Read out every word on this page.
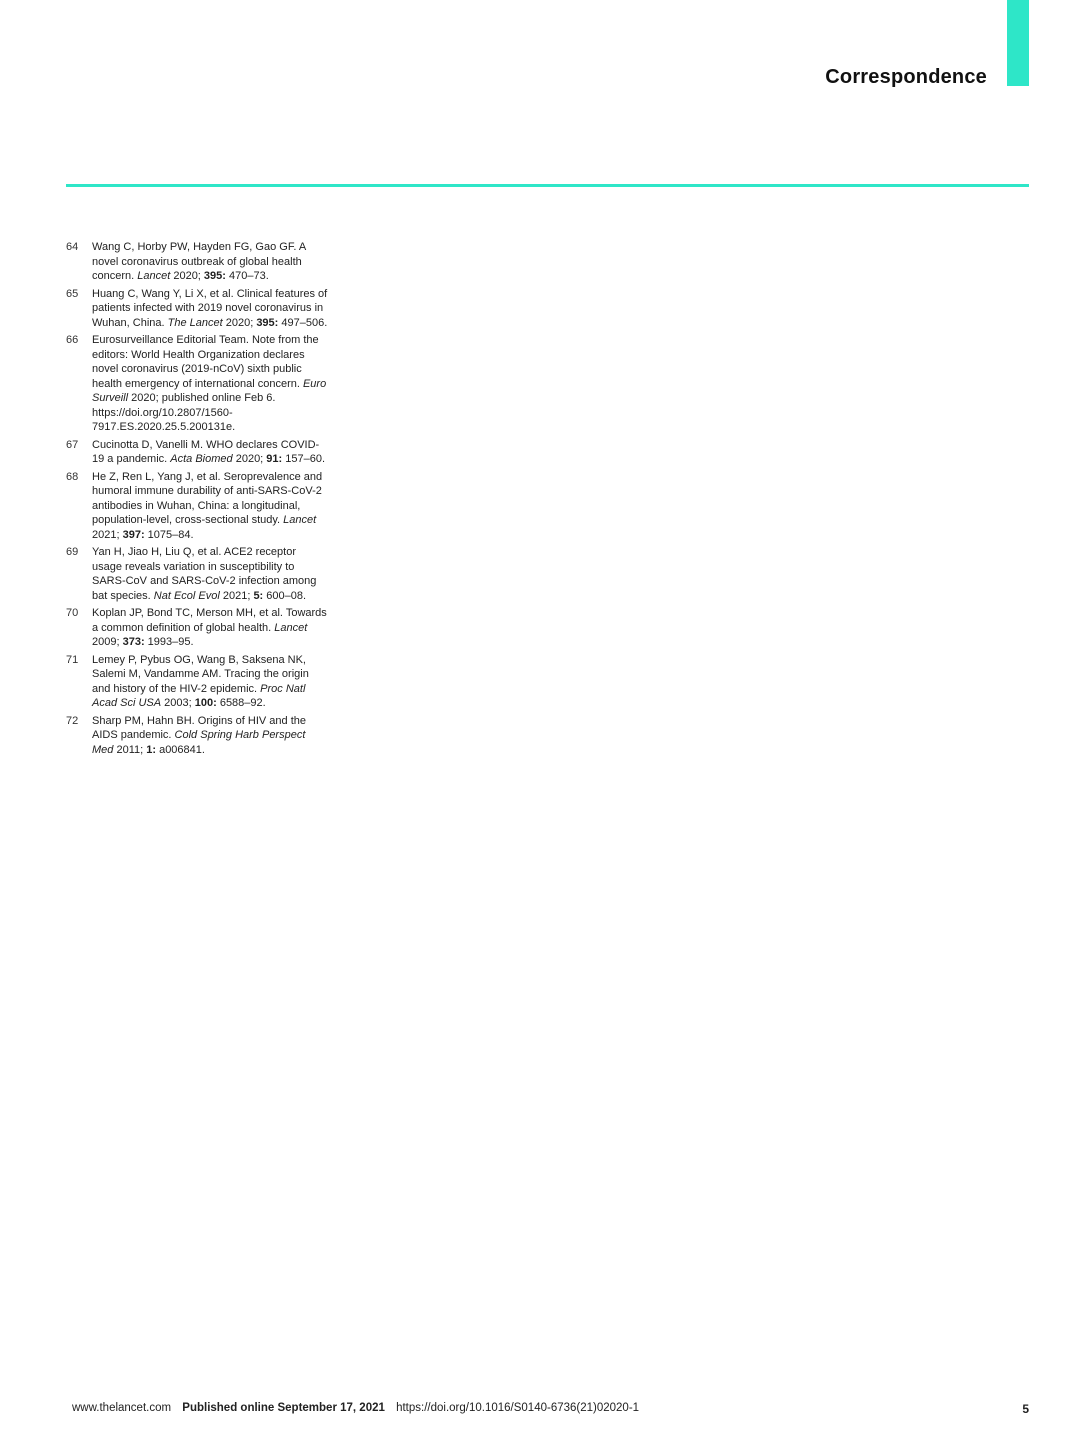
Correspondence
64	Wang C, Horby PW, Hayden FG, Gao GF. A novel coronavirus outbreak of global health concern. Lancet 2020; 395: 470–73.
65	Huang C, Wang Y, Li X, et al. Clinical features of patients infected with 2019 novel coronavirus in Wuhan, China. The Lancet 2020; 395: 497–506.
66	Eurosurveillance Editorial Team. Note from the editors: World Health Organization declares novel coronavirus (2019-nCoV) sixth public health emergency of international concern. Euro Surveill 2020; published online Feb 6. https://doi.org/10.2807/1560-7917.ES.2020.25.5.200131e.
67	Cucinotta D, Vanelli M. WHO declares COVID-19 a pandemic. Acta Biomed 2020; 91: 157–60.
68	He Z, Ren L, Yang J, et al. Seroprevalence and humoral immune durability of anti-SARS-CoV-2 antibodies in Wuhan, China: a longitudinal, population-level, cross-sectional study. Lancet 2021; 397: 1075–84.
69	Yan H, Jiao H, Liu Q, et al. ACE2 receptor usage reveals variation in susceptibility to SARS-CoV and SARS-CoV-2 infection among bat species. Nat Ecol Evol 2021; 5: 600–08.
70	Koplan JP, Bond TC, Merson MH, et al. Towards a common definition of global health. Lancet 2009; 373: 1993–95.
71	Lemey P, Pybus OG, Wang B, Saksena NK, Salemi M, Vandamme AM. Tracing the origin and history of the HIV-2 epidemic. Proc Natl Acad Sci USA 2003; 100: 6588–92.
72	Sharp PM, Hahn BH. Origins of HIV and the AIDS pandemic. Cold Spring Harb Perspect Med 2011; 1: a006841.
www.thelancet.com Published online September 17, 2021 https://doi.org/10.1016/S0140-6736(21)02020-1	5
